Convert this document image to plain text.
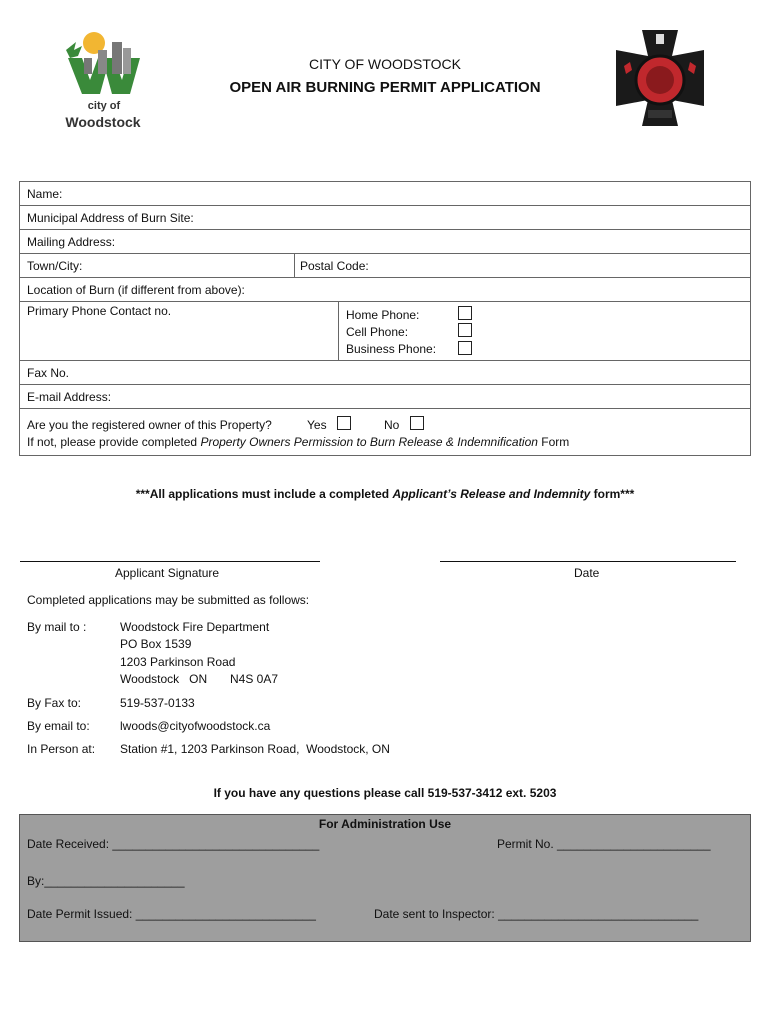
city of
Woodstock
CITY OF WOODSTOCK
OPEN AIR BURNING PERMIT APPLICATION
Name:
Municipal Address of Burn Site:
Mailing Address:
Town/City:	Postal Code:
Location of Burn (if different from above):
Primary Phone Contact no.	Home Phone:
Cell Phone:
Business Phone:
Fax No.
E-mail Address:
Are you the registered owner of this Property?	Yes	No
If not, please provide completed Property Owners Permission to Burn Release & Indemnification Form
***All applications must include a completed Applicant’s Release and Indemnity form***
Applicant Signature	Date
Completed applications may be submitted as follows:
By mail to :	Woodstock Fire Department
PO Box 1539
1203 Parkinson Road
Woodstock   ON N4S 0A7
By Fax to:	519-537-0133
By email to:	lwoods@cityofwoodstock.ca
In Person at: Station #1, 1203 Parkinson Road,  Woodstock, ON
If you have any questions please call 519-537-3412 ext. 5203
For Administration Use
Date Received: _______________________________	Permit No. _______________________
By:_____________________
Date Permit Issued: ___________________________	Date sent to Inspector: ______________________________
